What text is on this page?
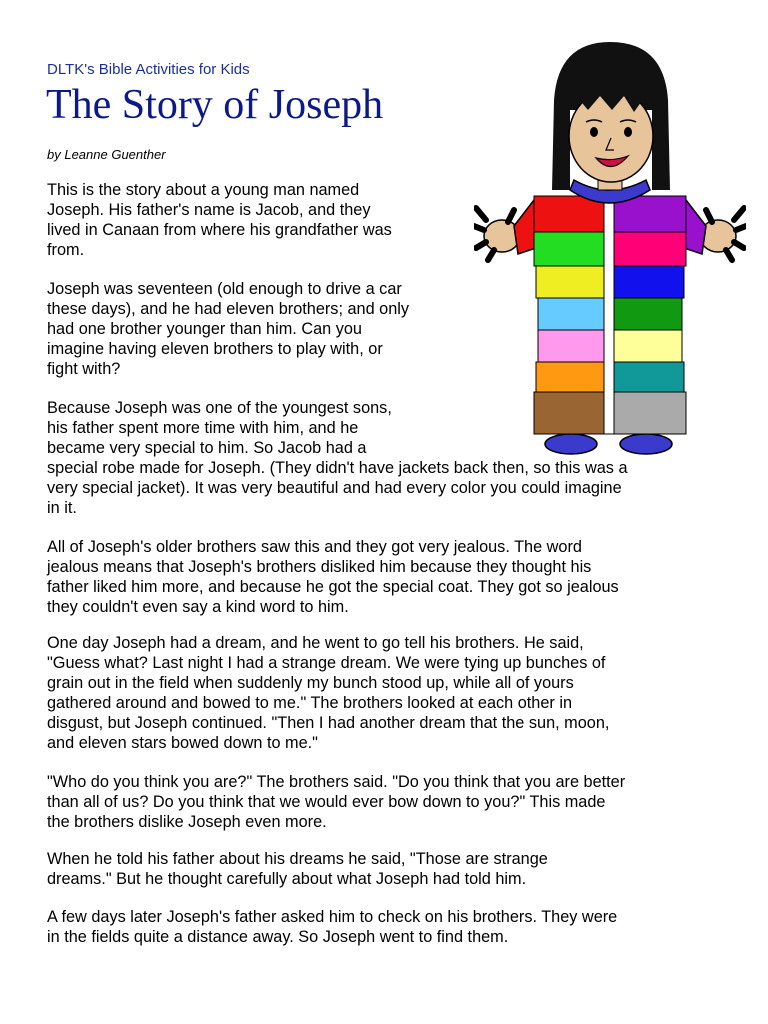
DLTK's Bible Activities for Kids
The Story of Joseph
by Leanne Guenther

This is the story about a young man named
Joseph. His father's name is Jacob, and they
lived in Canaan from where his grandfather was
from.

Joseph was seventeen (old enough to drive a car
these days), and he had eleven brothers; and only
had one brother younger than him. Can you
imagine having eleven brothers to play with, or
fight with?

Because Joseph was one of the youngest sons,
his father spent more time with him, and he
became very special to him. So Jacob had a
special robe made for Joseph. (They didn't have jackets back then, so this was a
very special jacket). It was very beautiful and had every color you could imagine
in it.

All of Joseph's older brothers saw this and they got very jealous. The word
jealous means that Joseph's brothers disliked him because they thought his
father liked him more, and because he got the special coat. They got so jealous
they couldn't even say a kind word to him.

One day Joseph had a dream, and he went to go tell his brothers. He said,
"Guess what? Last night I had a strange dream. We were tying up bunches of
grain out in the field when suddenly my bunch stood up, while all of yours
gathered around and bowed to me." The brothers looked at each other in
disgust, but Joseph continued. "Then I had another dream that the sun, moon,
and eleven stars bowed down to me."

"Who do you think you are?" The brothers said. "Do you think that you are better
than all of us? Do you think that we would ever bow down to you?" This made
the brothers dislike Joseph even more.

When he told his father about his dreams he said, "Those are strange
dreams." But he thought carefully about what Joseph had told him.

A few days later Joseph's father asked him to check on his brothers. They were
in the fields quite a distance away. So Joseph went to find them.
